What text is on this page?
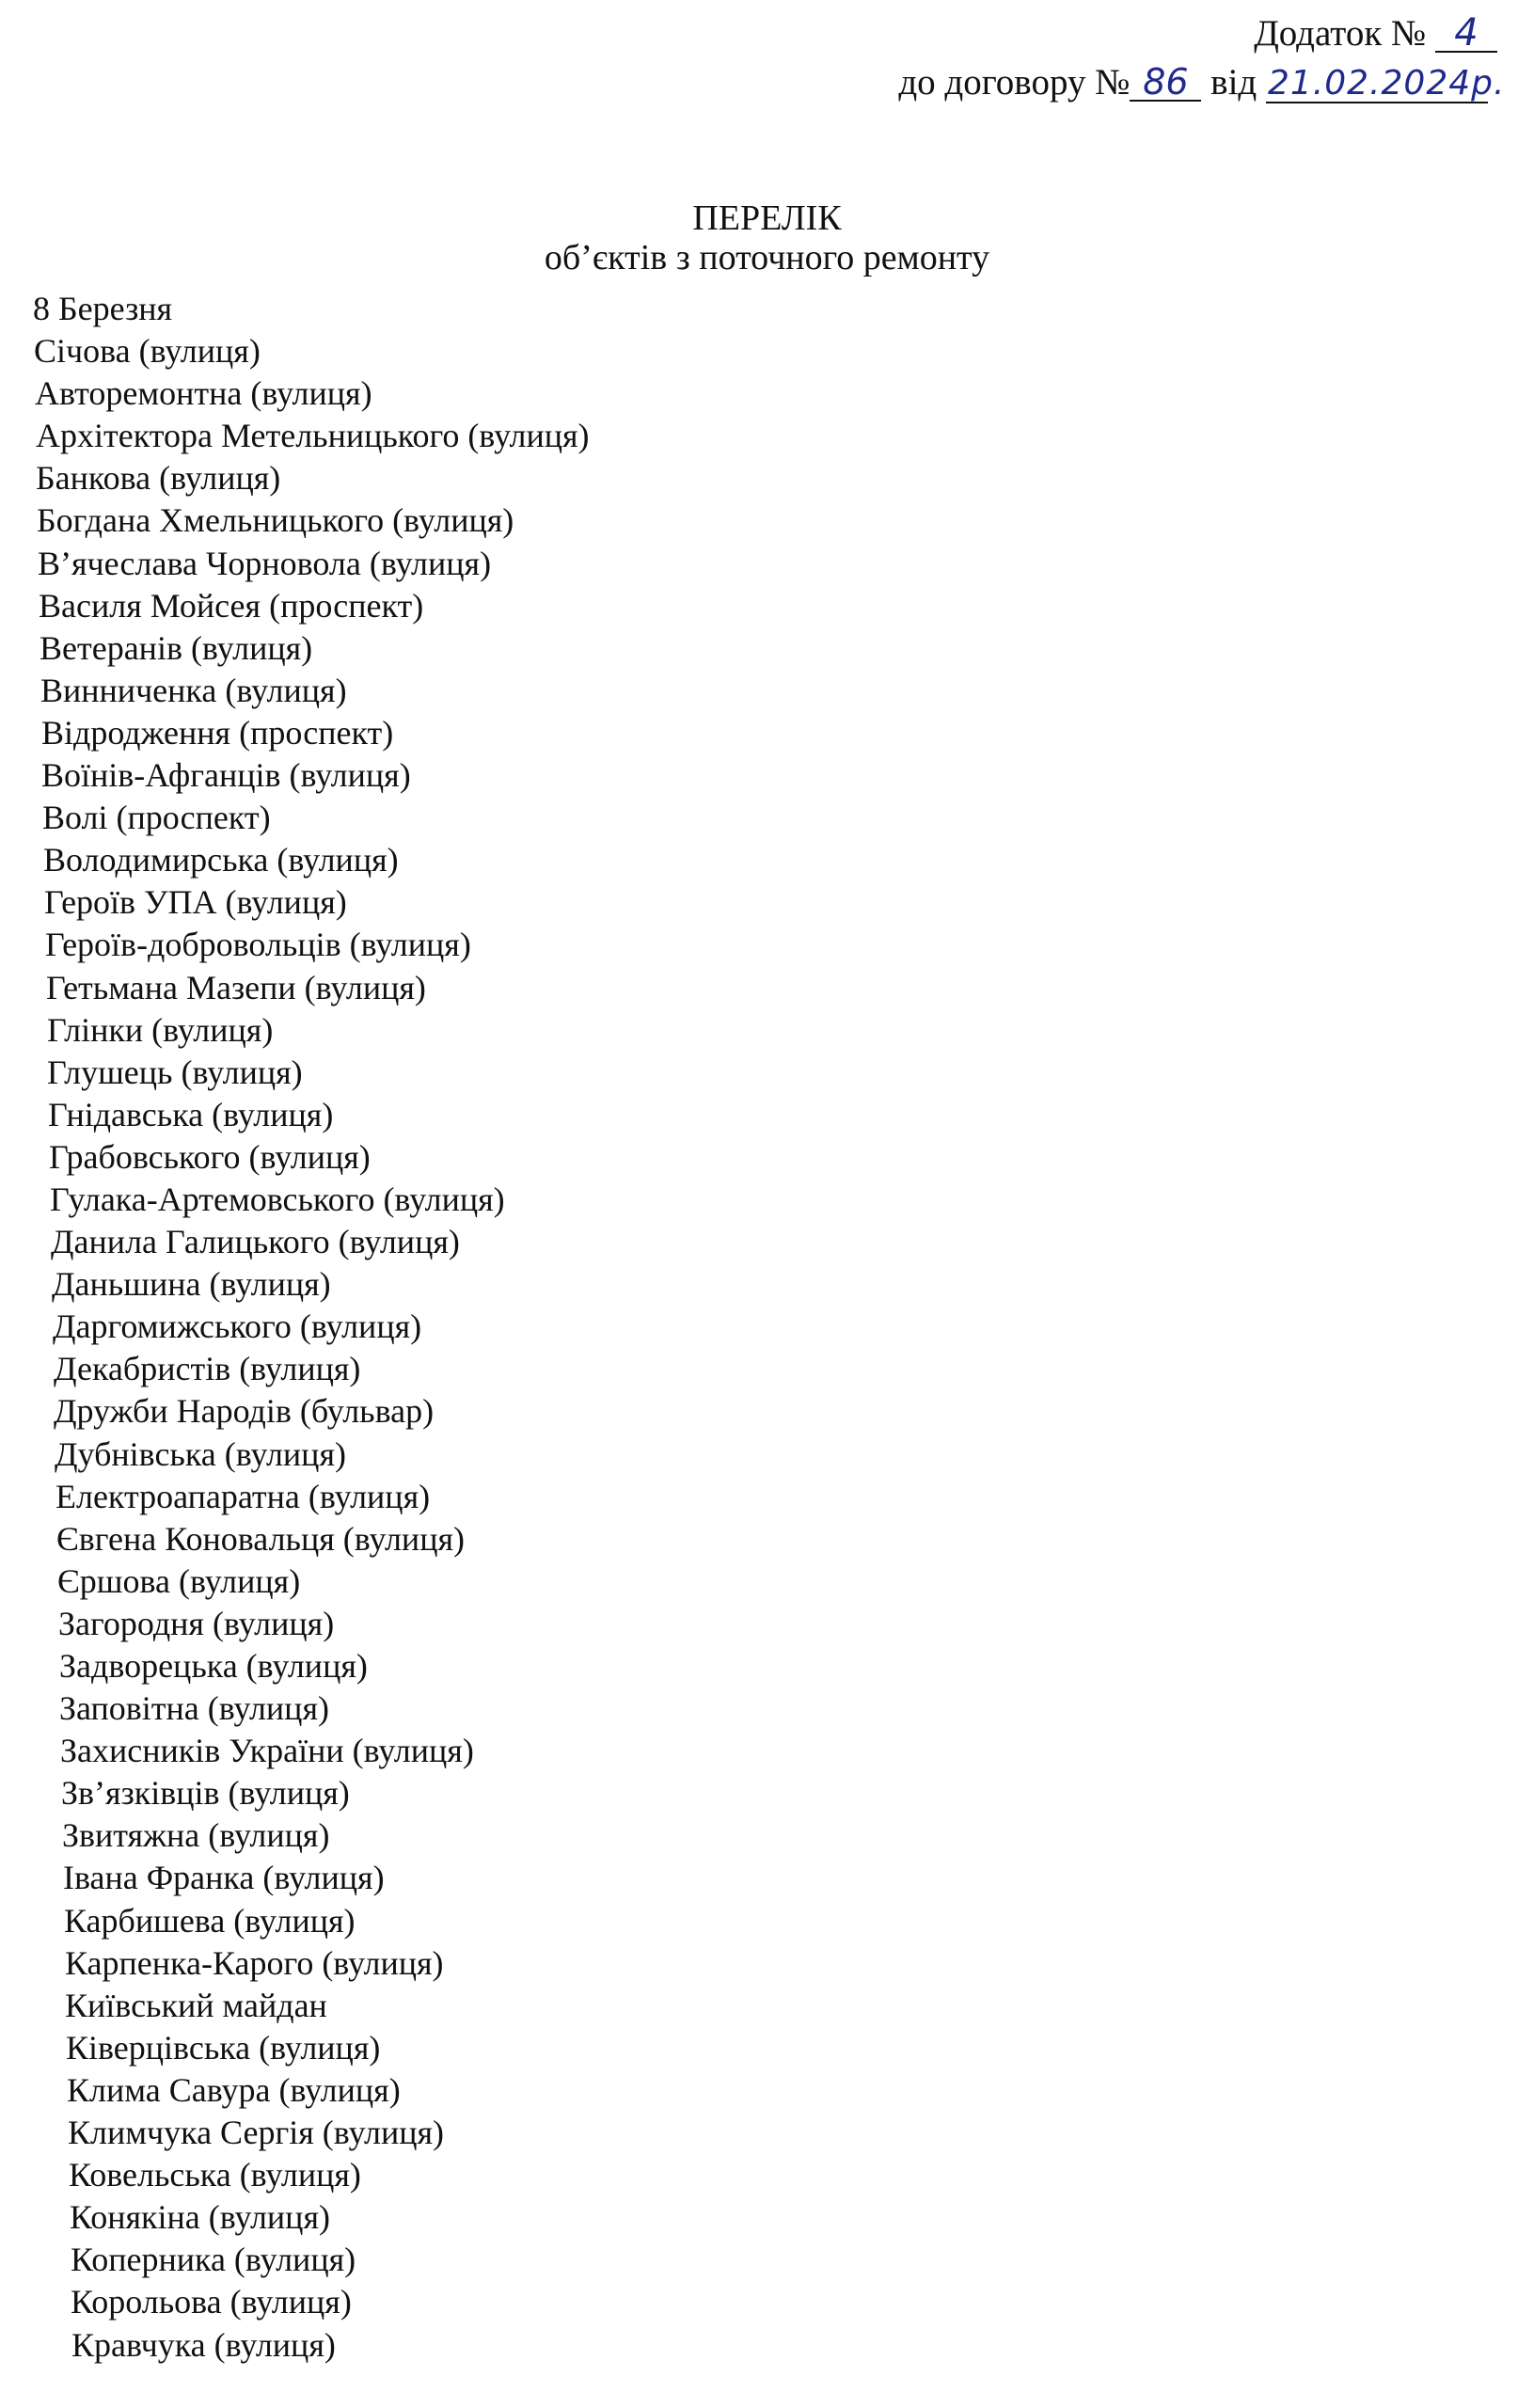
Додаток № 4
до договору № 86 від 21.02.2024р.
ПЕРЕЛІК
об’єктів з поточного ремонту
8 Березня
Січова (вулиця)
Авторемонтна (вулиця)
Архітектора Метельницького (вулиця)
Банкова (вулиця)
Богдана Хмельницького (вулиця)
В’ячеслава Чорновола (вулиця)
Василя Мойсея (проспект)
Ветеранів (вулиця)
Винниченка (вулиця)
Відродження (проспект)
Воїнів-Афганців (вулиця)
Волі (проспект)
Володимирська (вулиця)
Героїв УПА (вулиця)
Героїв-добровольців (вулиця)
Гетьмана Мазепи (вулиця)
Глінки (вулиця)
Глушець (вулиця)
Гнідавська (вулиця)
Грабовського (вулиця)
Гулака-Артемовського (вулиця)
Данила Галицького (вулиця)
Даньшина (вулиця)
Даргомижського (вулиця)
Декабристів (вулиця)
Дружби Народів (бульвар)
Дубнівська (вулиця)
Електроапаратна (вулиця)
Євгена Коновальця (вулиця)
Єршова (вулиця)
Загородня (вулиця)
Задворецька (вулиця)
Заповітна (вулиця)
Захисників України (вулиця)
Зв’язківців (вулиця)
Звитяжна (вулиця)
Івана Франка (вулиця)
Карбишева (вулиця)
Карпенка-Карого (вулиця)
Київський майдан
Ківерцівська (вулиця)
Клима Савура (вулиця)
Климчука Сергія (вулиця)
Ковельська (вулиця)
Конякіна (вулиця)
Коперника (вулиця)
Корольова (вулиця)
Кравчука (вулиця)
